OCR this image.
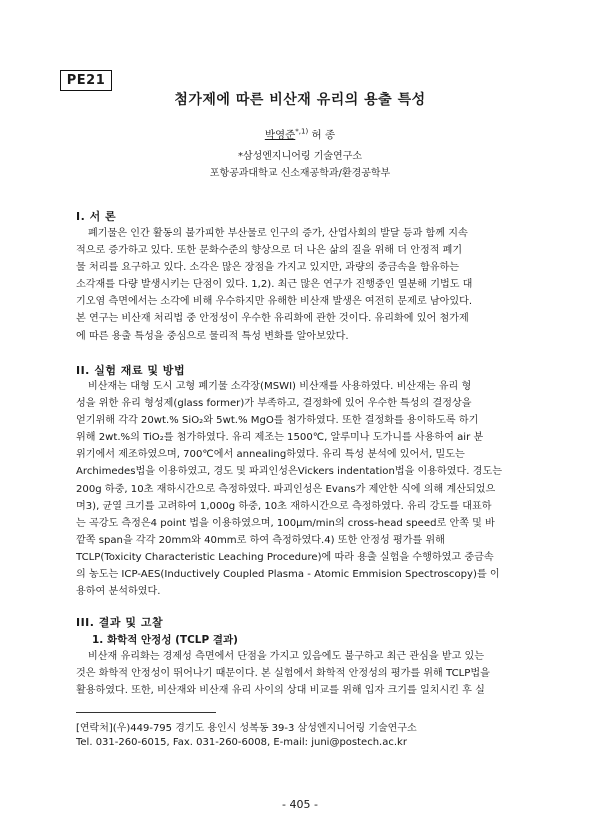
PE21
첨가제에 따른 비산재 유리의 용출 특성
박영준$^{*,1)}$ 허 종
*삼성엔지니어링 기술연구소
포항공과대학교 신소재공학과/환경공학부
I. 서 론
폐기물은 인간 활동의 불가피한 부산물로 인구의 증가, 산업사회의 발달 등과 함께 지속
적으로 증가하고 있다. 또한 문화수준의 향상으로 더 나은 삶의 질을 위해 더 안정적 폐기
물 처리를 요구하고 있다. 소각은 많은 장점을 가지고 있지만, 과량의 중금속을 함유하는
소각재를 다량 발생시키는 단점이 있다. 1,2). 최근 많은 연구가 진행중인 열분해 기법도 대
기오염 측면에서는 소각에 비해 우수하지만 유해한 비산재 발생은 여전히 문제로 남아있다.
본 연구는 비산재 처리법 중 안정성이 우수한 유리화에 관한 것이다. 유리화에 있어 첨가제
에 따른 용출 특성을 중심으로 물리적 특성 변화를 알아보았다.
II. 실험 재료 및 방법
비산재는 대형 도시 고형 폐기물 소각장(MSWI) 비산재를 사용하였다. 비산재는 유리 형
성을 위한 유리 형성제(glass former)가 부족하고, 결정화에 있어 우수한 특성의 결정상을
얻기위해 각각 20wt.% SiO₂와 5wt.% MgO를 첨가하였다. 또한 결정화를 용이하도록 하기
위해 2wt.%의 TiO₂를 첨가하였다. 유리 제조는 1500℃, 알루미나 도가니를 사용하여 air 분
위기에서 제조하였으며, 700℃에서 annealing하였다. 유리 특성 분석에 있어서, 밀도는
Archimedes법을 이용하였고, 경도 및 파괴인성은Vickers indentation법을 이용하였다. 경도는
200g 하중, 10초 재하시간으로 측정하였다. 파괴인성은 Evans가 제안한 식에 의해 계산되었으
며3), 균열 크기를 고려하여 1,000g 하중, 10초 재하시간으로 측정하였다. 유리 강도를 대표하
는 곡강도 측정은4 point 법을 이용하였으며, 100μm/min의 cross-head speed로 안쪽 및 바
깥쪽 span을 각각 20mm와 40mm로 하여 측정하였다.4) 또한 안정성 평가를 위해
TCLP(Toxicity Characteristic Leaching Procedure)에 따라 용출 실험을 수행하였고 중금속
의 농도는 ICP-AES(Inductively Coupled Plasma - Atomic Emmision Spectroscopy)를 이
용하여 분석하였다.
III. 결과 및 고찰
1. 화학적 안정성 (TCLP 결과)
비산재 유리화는 경제성 측면에서 단점을 가지고 있음에도 불구하고 최근 관심을 받고 있는
것은 화학적 안정성이 뛰어나기 때문이다. 본 실험에서 화학적 안정성의 평가를 위해 TCLP법을
활용하였다. 또한, 비산재와 비산재 유리 사이의 상대 비교를 위해 입자 크기를 일치시킨 후 실
[연락처](우)449-795 경기도 용인시 성복동 39-3 삼성엔지니어링 기술연구소
Tel. 031-260-6015, Fax. 031-260-6008, E-mail: juni@postech.ac.kr
- 405 -
